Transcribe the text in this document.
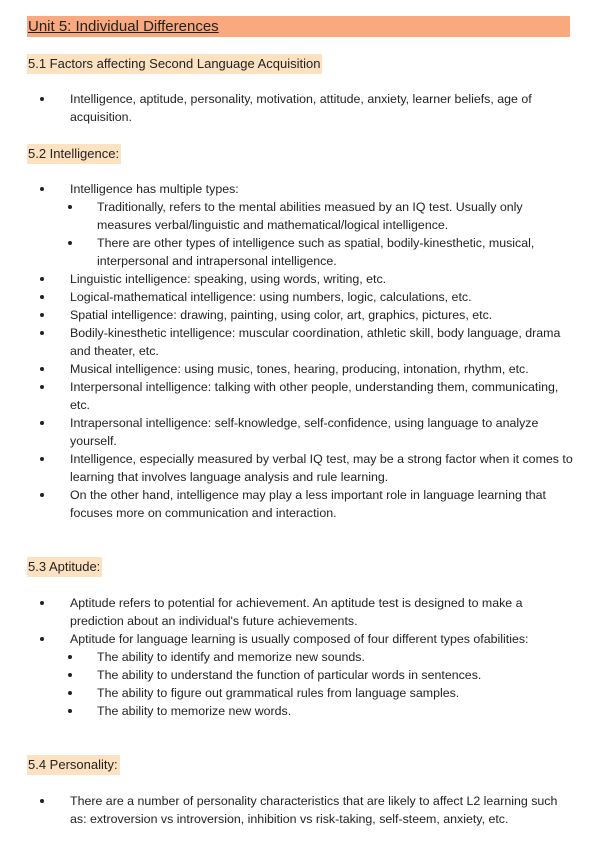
Unit 5: Individual Differences
5.1 Factors affecting Second Language Acquisition
Intelligence, aptitude, personality, motivation, attitude, anxiety, learner beliefs, age of acquisition.
5.2 Intelligence:
Intelligence has multiple types:
Traditionally, refers to the mental abilities measued by an IQ test. Usually only measures verbal/linguistic and mathematical/logical intelligence.
There are other types of intelligence such as spatial, bodily-kinesthetic, musical, interpersonal and intrapersonal intelligence.
Linguistic intelligence: speaking, using words, writing, etc.
Logical-mathematical intelligence: using numbers, logic, calculations, etc.
Spatial intelligence: drawing, painting, using color, art, graphics, pictures, etc.
Bodily-kinesthetic intelligence: muscular coordination, athletic skill, body language, drama and theater, etc.
Musical intelligence: using music, tones, hearing, producing, intonation, rhythm, etc.
Interpersonal intelligence: talking with other people, understanding them, communicating, etc.
Intrapersonal intelligence: self-knowledge, self-confidence, using language to analyze yourself.
Intelligence, especially measured by verbal IQ test, may be a strong factor when it comes to learning that involves language analysis and rule learning.
On the other hand, intelligence may play a less important role in language learning that focuses more on communication and interaction.
5.3 Aptitude:
Aptitude refers to potential for achievement. An aptitude test is designed to make a prediction about an individual's future achievements.
Aptitude for language learning is usually composed of four different types ofabilities:
The ability to identify and memorize new sounds.
The ability to understand the function of particular words in sentences.
The ability to figure out grammatical rules from language samples.
The ability to memorize new words.
5.4 Personality:
There are a number of personality characteristics that are likely to affect L2 learning such as: extroversion vs introversion, inhibition vs risk-taking, self-steem, anxiety, etc.
